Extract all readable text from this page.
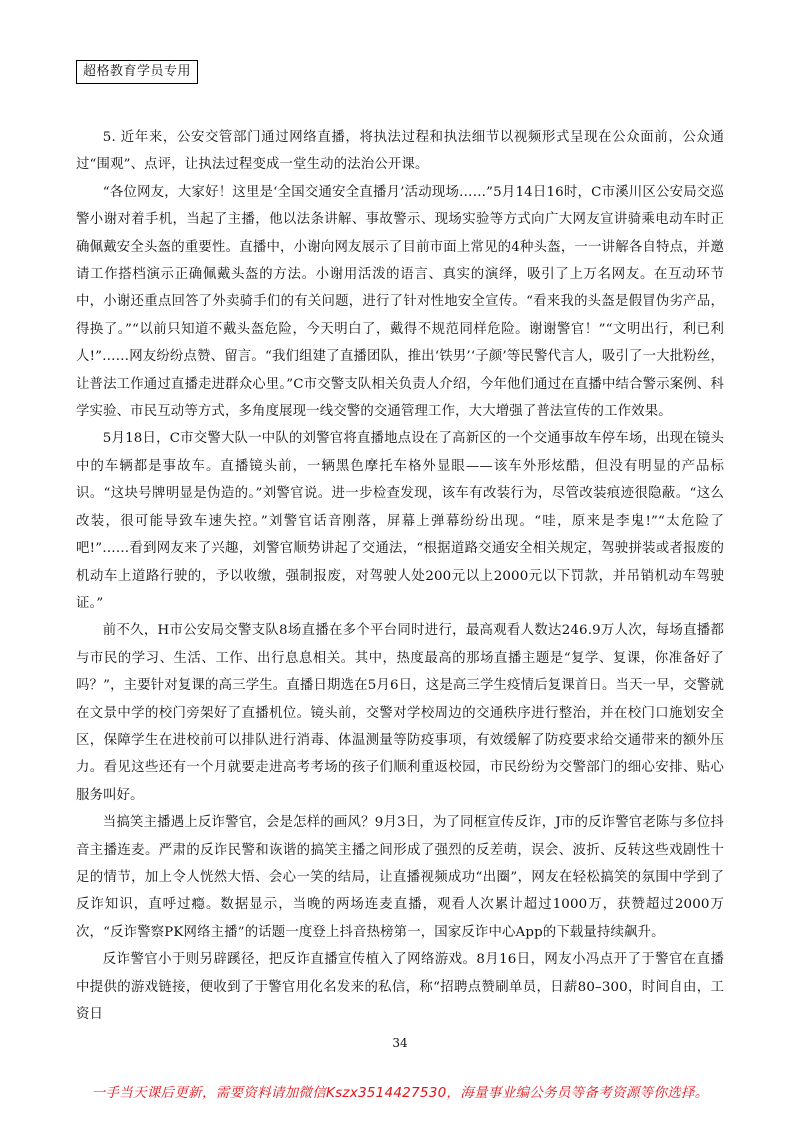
超格教育学员专用

5. 近年来，公安交管部门通过网络直播，将执法过程和执法细节以视频形式呈现在公众面前，公众通过“围观”、点评，让执法过程变成一堂生动的法治公开课。

“各位网友，大家好！这里是‘全国交通安全直播月’活动现场……”5月14日16时，C市溪川区公安局交巡警小谢对着手机，当起了主播，他以法条讲解、事故警示、现场实验等方式向广大网友宣讲骑乘电动车时正确佩戴安全头盔的重要性。直播中，小谢向网友展示了目前市面上常见的4种头盔，一一讲解各自特点，并邀请工作搭档演示正确佩戴头盔的方法。小谢用活泼的语言、真实的演绎，吸引了上万名网友。在互动环节中，小谢还重点回答了外卖骑手们的有关问题，进行了针对性地安全宣传。“看来我的头盔是假冒伪劣产品，得换了。”“以前只知道不戴头盔危险，今天明白了，戴得不规范同样危险。谢谢警官！”“文明出行，利已利人!”……网友纷纷点赞、留言。“我们组建了直播团队，推出‘铁男’‘子颜’等民警代言人，吸引了一大批粉丝，让普法工作通过直播走进群众心里。”C市交警支队相关负责人介绍，今年他们通过在直播中结合警示案例、科学实验、市民互动等方式，多角度展现一线交警的交通管理工作，大大增强了普法宣传的工作效果。

5月18日，C市交警大队一中队的刘警官将直播地点设在了高新区的一个交通事故车停车场，出现在镜头中的车辆都是事故车。直播镜头前，一辆黑色摩托车格外显眼——该车外形炫酷，但没有明显的产品标识。“这块号牌明显是伪造的。”刘警官说。进一步检查发现，该车有改装行为，尽管改装痕迹很隐蔽。“这么改装，很可能导致车速失控。”刘警官话音刚落，屏幕上弹幕纷纷出现。“哇，原来是李鬼!”“太危险了吧!”……看到网友来了兴趣，刘警官顺势讲起了交通法，“根据道路交通安全相关规定，驾驶拼装或者报废的机动车上道路行驶的，予以收缴，强制报废，对驾驶人处200元以上2000元以下罚款，并吊销机动车驾驶证。”

前不久，H市公安局交警支队8场直播在多个平台同时进行，最高观看人数达246.9万人次，每场直播都与市民的学习、生活、工作、出行息息相关。其中，热度最高的那场直播主题是“复学、复课，你准备好了吗？”，主要针对复课的高三学生。直播日期选在5月6日，这是高三学生疫情后复课首日。当天一早，交警就在文景中学的校门旁架好了直播机位。镜头前，交警对学校周边的交通秩序进行整治，并在校门口施划安全区，保障学生在进校前可以排队进行消毒、体温测量等防疫事项，有效缓解了防疫要求给交通带来的额外压力。看见这些还有一个月就要走进高考考场的孩子们顺利重返校园，市民纷纷为交警部门的细心安排、贴心服务叫好。

当搞笑主播遇上反诈警官，会是怎样的画风？9月3日，为了同框宣传反诈，J市的反诈警官老陈与多位抖音主播连麦。严肃的反诈民警和诙谐的搞笑主播之间形成了强烈的反差萌，误会、波折、反转这些戏剧性十足的情节，加上令人恍然大悟、会心一笑的结局，让直播视频成功“出圈”，网友在轻松搞笑的氛围中学到了反诈知识，直呼过瘾。数据显示，当晚的两场连麦直播，观看人次累计超过1000万，获赞超过2000万次，“反诈警察PK网络主播”的话题一度登上抖音热榜第一，国家反诈中心App的下载量持续飙升。

反诈警官小于则另辟蹊径，把反诈直播宣传植入了网络游戏。8月16日，网友小冯点开了于警官在直播中提供的游戏链接，便收到了于警官用化名发来的私信，称“招聘点赞刷单员，日薪80–300，时间自由，工资日

34
一手当天课后更新，需要资料请加微信Kszx3514427530，海量事业编公务员等备考资源等你选择。
